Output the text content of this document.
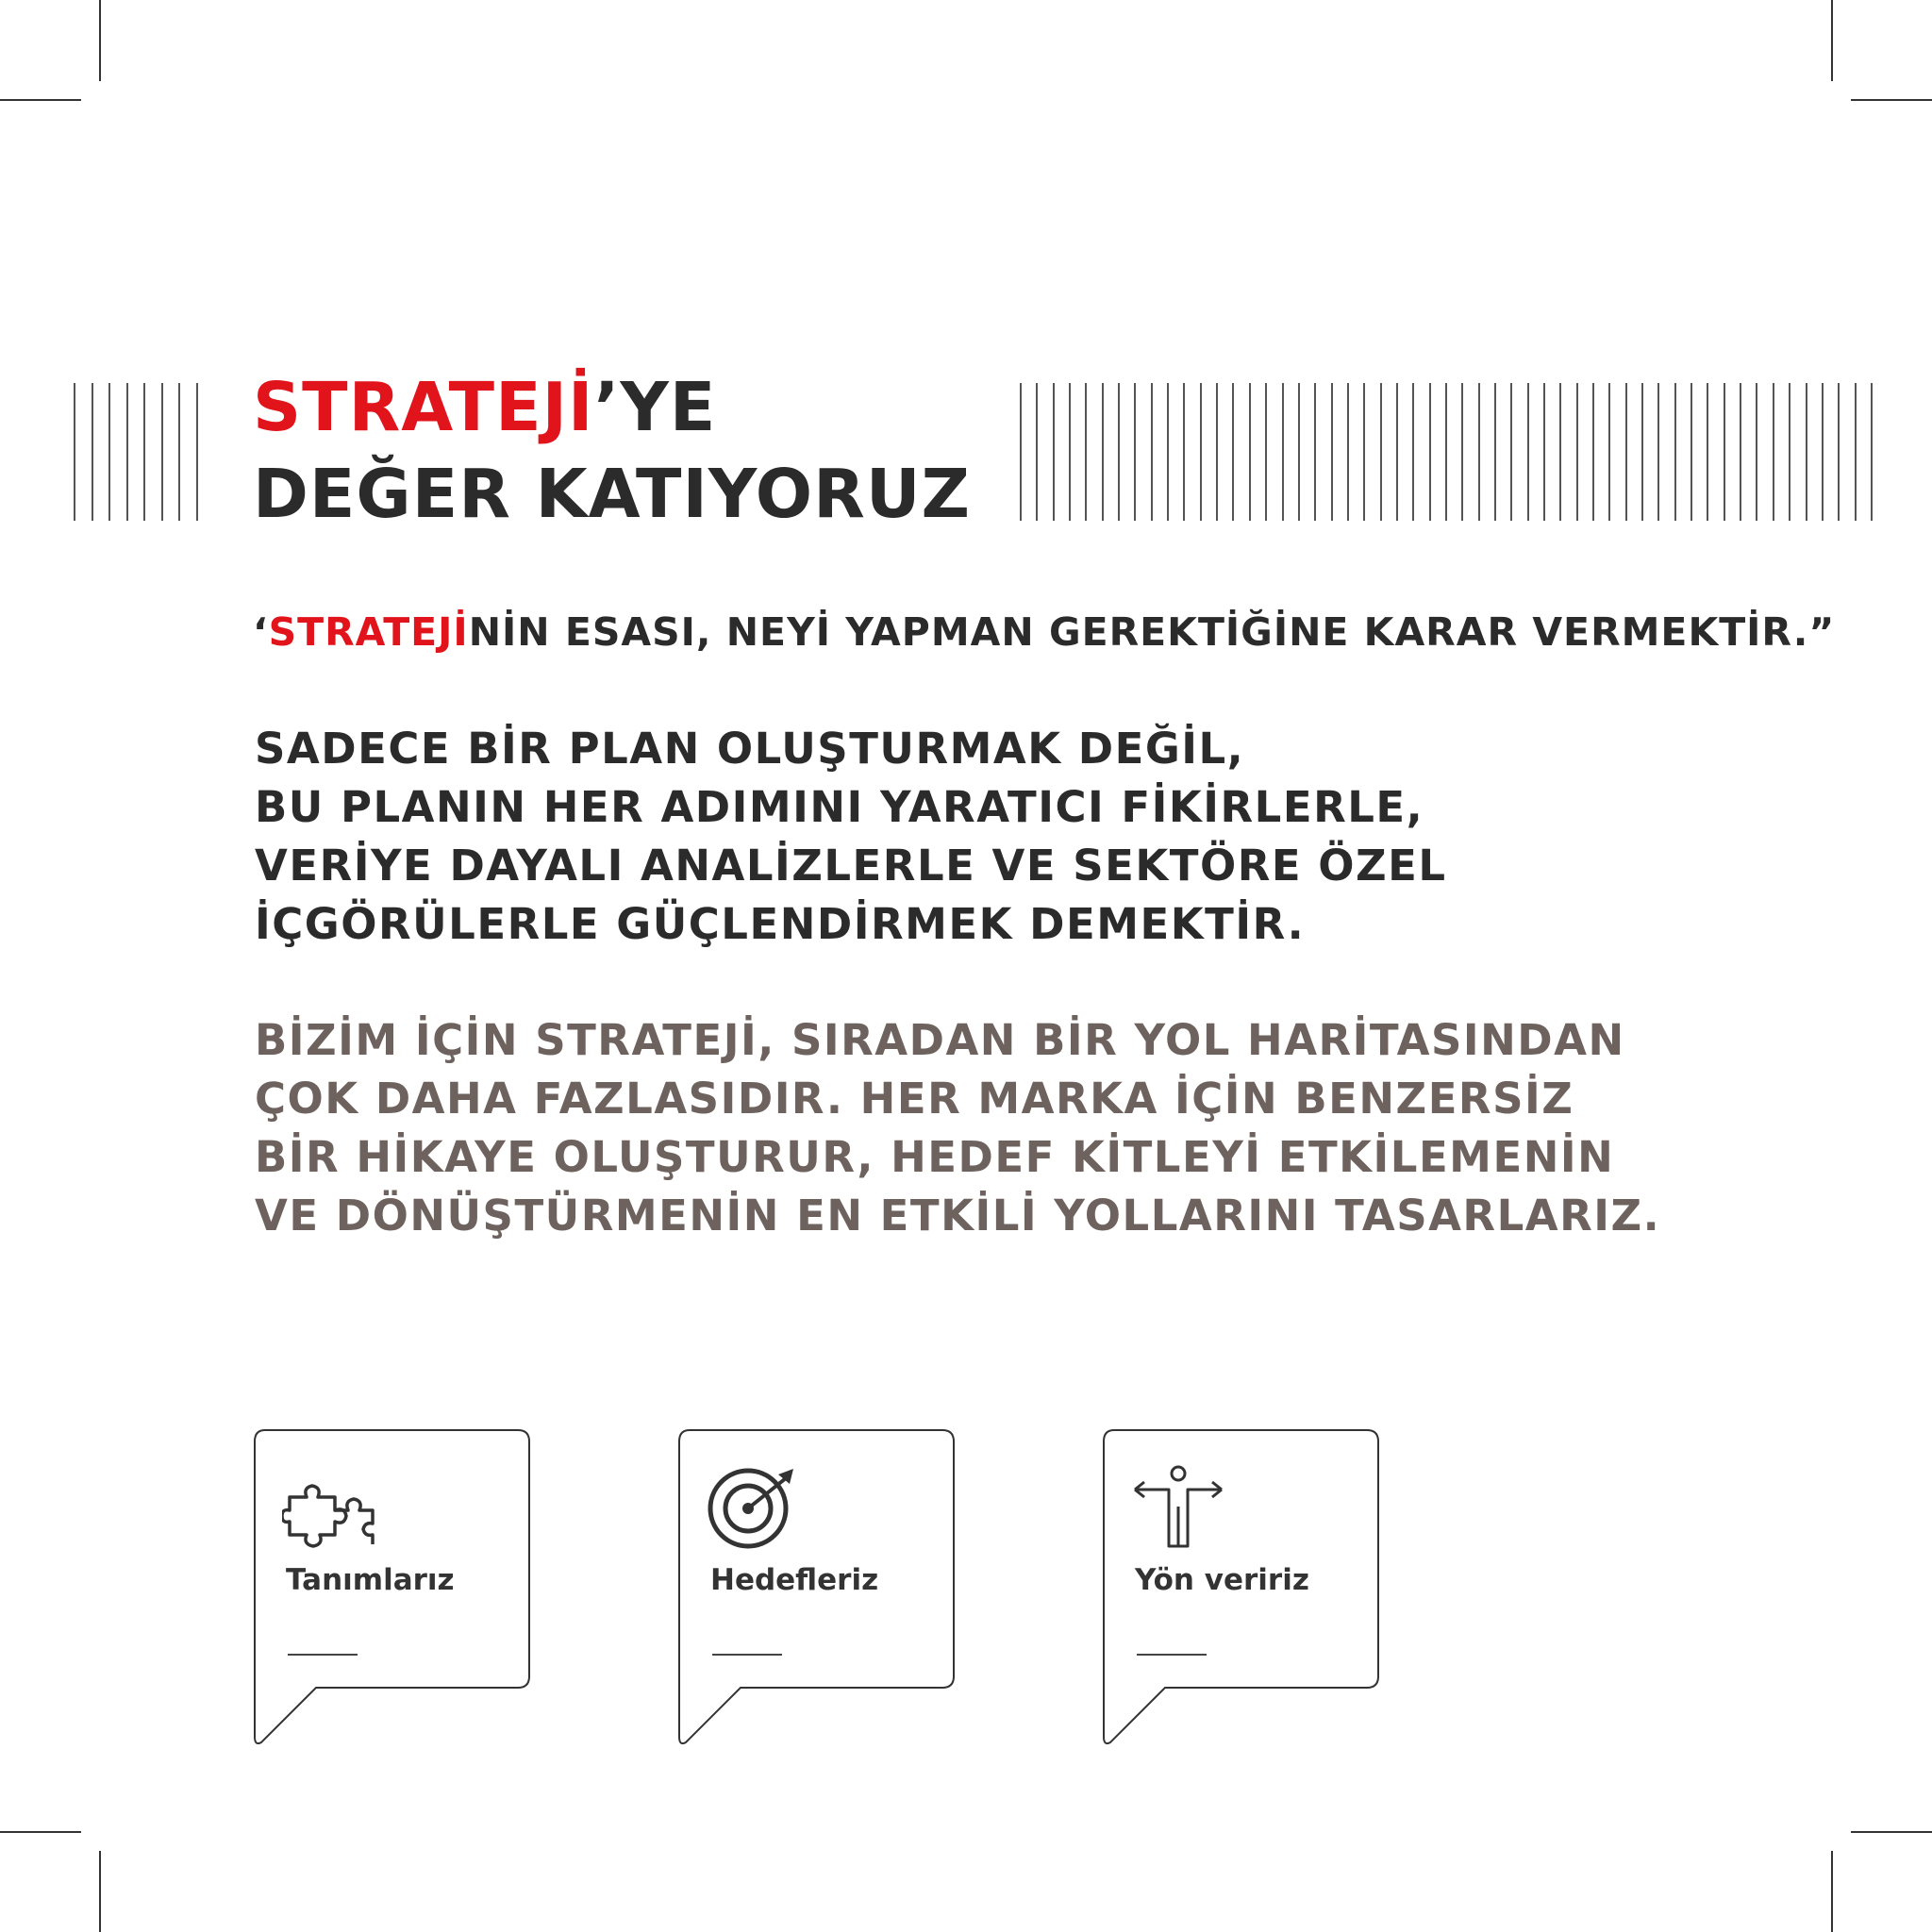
STRATEJİ’YE
DEĞER KATIYORUZ
‘STRATEJİNİN ESASI, NEYİ YAPMAN GEREKTİĞİNE KARAR VERMEKTİR.”
SADECE BİR PLAN OLUŞTURMAK DEĞİL,
BU PLANIN HER ADIMINI YARATICI FİKİRLERLE,
VERİYE DAYALI ANALİZLERLE VE SEKTÖRE ÖZEL
İÇGÖRÜLERLE GÜÇLENDİRMEK DEMEKTİR.
BİZİM İÇİN STRATEJİ, SIRADAN BİR YOL HARİTASINDAN
ÇOK DAHA FAZLASIDIR. HER MARKA İÇİN BENZERSİZ
BİR HİKAYE OLUŞTURUR, HEDEF KİTLEYİ ETKİLEMENİN
VE DÖNÜŞTÜRMENİN EN ETKİLİ YOLLARINI TASARLARIZ.
Tanımlarız	Hedefleriz	Yön veririz
